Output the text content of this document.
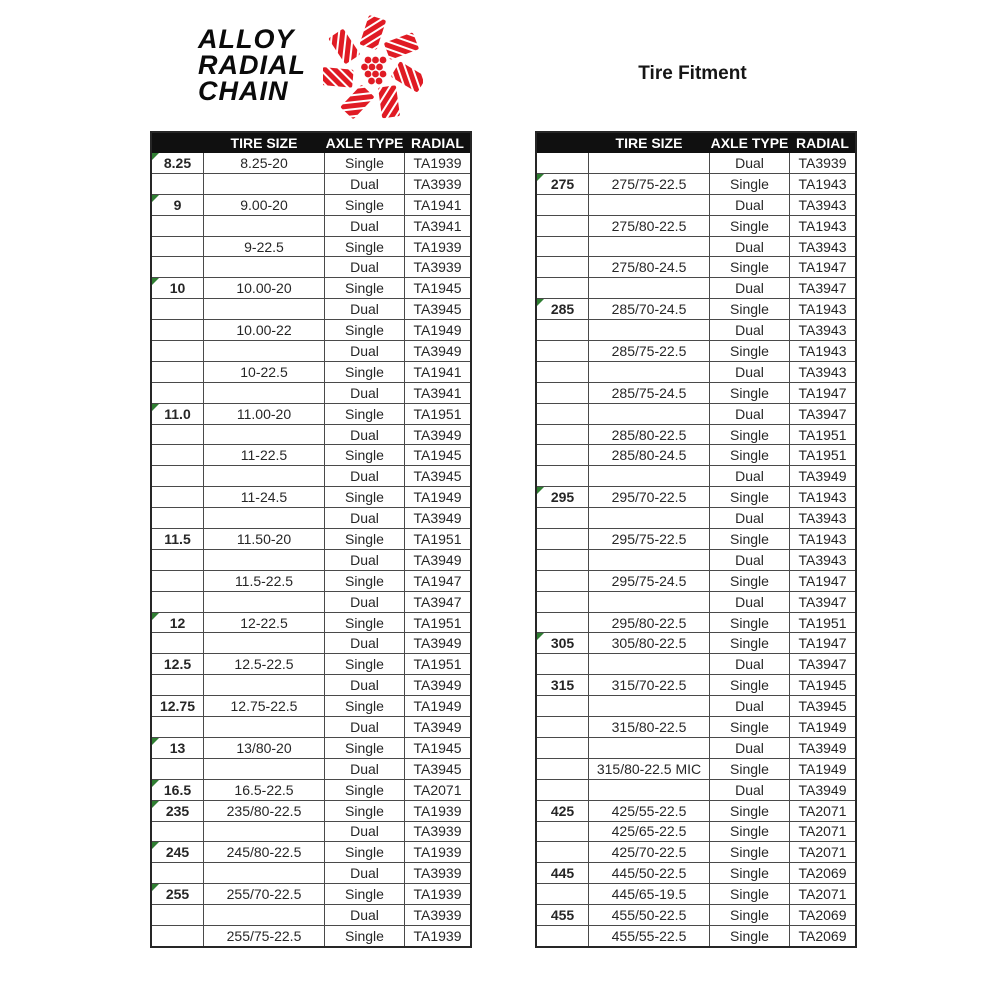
ALLOY
RADIAL
CHAIN
Tire Fitment
	TIRE SIZE	AXLE TYPE	RADIAL
8.25	8.25-20	Single	TA1939
		Dual	TA3939
9	9.00-20	Single	TA1941
		Dual	TA3941
	9-22.5	Single	TA1939
		Dual	TA3939
10	10.00-20	Single	TA1945
		Dual	TA3945
	10.00-22	Single	TA1949
		Dual	TA3949
	10-22.5	Single	TA1941
		Dual	TA3941
11.0	11.00-20	Single	TA1951
		Dual	TA3949
	11-22.5	Single	TA1945
		Dual	TA3945
	11-24.5	Single	TA1949
		Dual	TA3949
11.5	11.50-20	Single	TA1951
		Dual	TA3949
	11.5-22.5	Single	TA1947
		Dual	TA3947
12	12-22.5	Single	TA1951
		Dual	TA3949
12.5	12.5-22.5	Single	TA1951
		Dual	TA3949
12.75	12.75-22.5	Single	TA1949
		Dual	TA3949
13	13/80-20	Single	TA1945
		Dual	TA3945
16.5	16.5-22.5	Single	TA2071
235	235/80-22.5	Single	TA1939
		Dual	TA3939
245	245/80-22.5	Single	TA1939
		Dual	TA3939
255	255/70-22.5	Single	TA1939
		Dual	TA3939
	255/75-22.5	Single	TA1939
	TIRE SIZE	AXLE TYPE	RADIAL
		Dual	TA3939
275	275/75-22.5	Single	TA1943
		Dual	TA3943
	275/80-22.5	Single	TA1943
		Dual	TA3943
	275/80-24.5	Single	TA1947
		Dual	TA3947
285	285/70-24.5	Single	TA1943
		Dual	TA3943
	285/75-22.5	Single	TA1943
		Dual	TA3943
	285/75-24.5	Single	TA1947
		Dual	TA3947
	285/80-22.5	Single	TA1951
	285/80-24.5	Single	TA1951
		Dual	TA3949
295	295/70-22.5	Single	TA1943
		Dual	TA3943
	295/75-22.5	Single	TA1943
		Dual	TA3943
	295/75-24.5	Single	TA1947
		Dual	TA3947
	295/80-22.5	Single	TA1951
305	305/80-22.5	Single	TA1947
		Dual	TA3947
315	315/70-22.5	Single	TA1945
		Dual	TA3945
	315/80-22.5	Single	TA1949
		Dual	TA3949
	315/80-22.5 MIC	Single	TA1949
		Dual	TA3949
425	425/55-22.5	Single	TA2071
	425/65-22.5	Single	TA2071
	425/70-22.5	Single	TA2071
445	445/50-22.5	Single	TA2069
	445/65-19.5	Single	TA2071
455	455/50-22.5	Single	TA2069
	455/55-22.5	Single	TA2069
